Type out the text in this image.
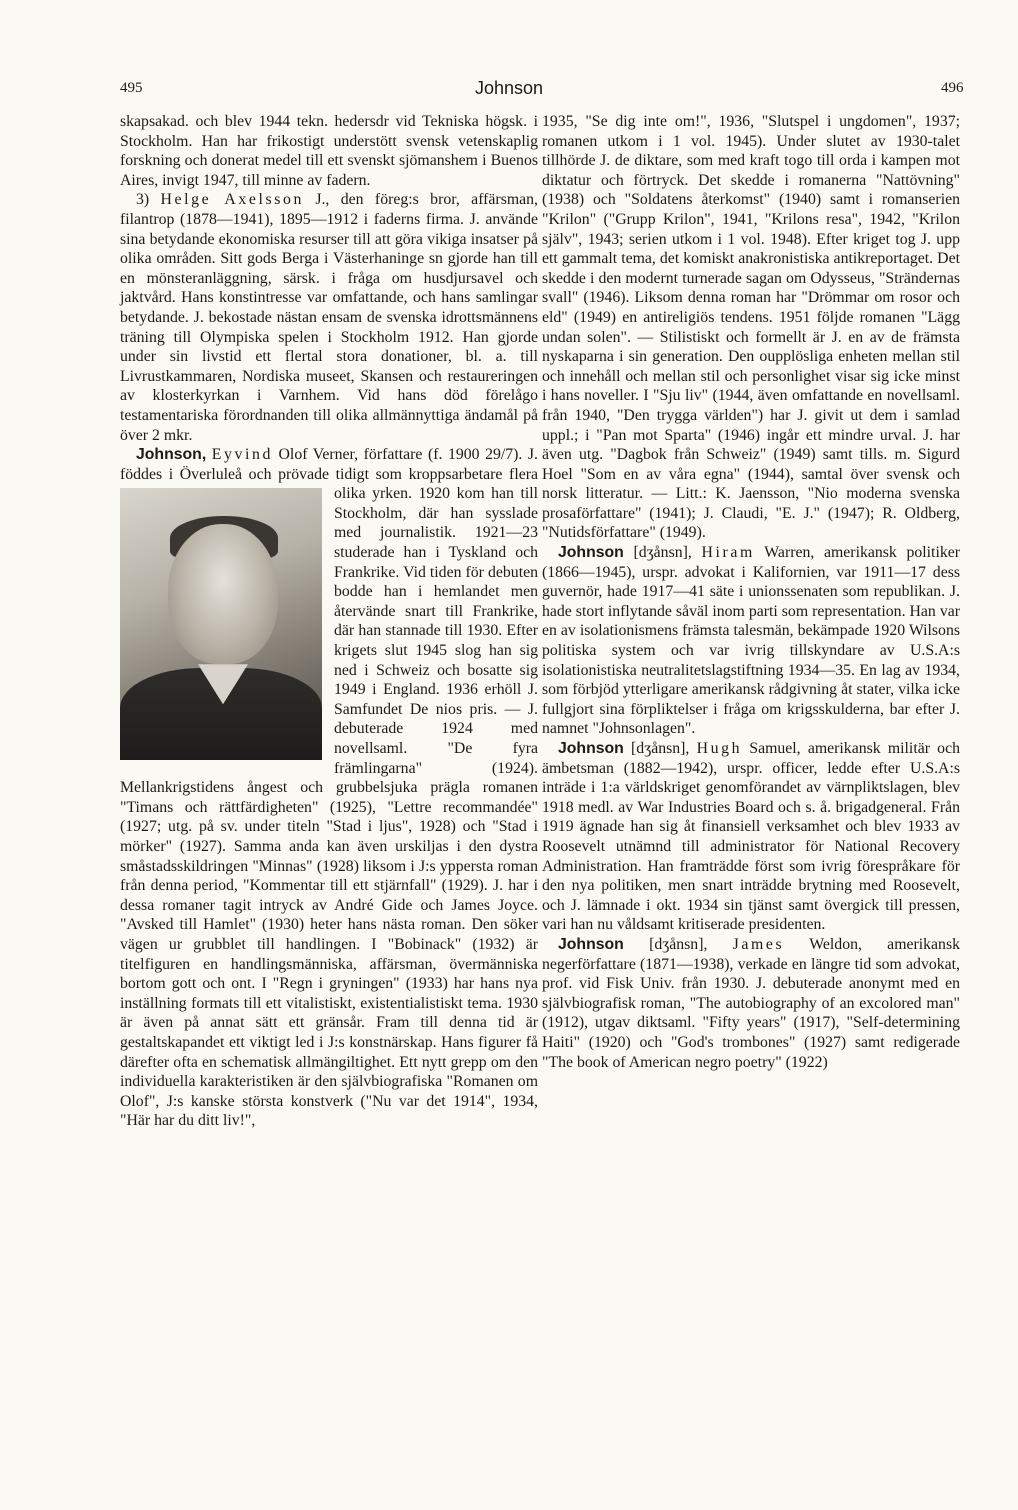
495	Johnson	496

skapsakad. och blev 1944 tekn. hedersdr vid Tekniska högsk. i Stockholm. Han har frikostigt understött svensk vetenskaplig forskning och donerat medel till ett svenskt sjömanshem i Buenos Aires, invigt 1947, till minne av fadern.

3) Helge Axelsson J., den föreg:s bror, affärsman, filantrop (1878—1941), 1895—1912 i faderns firma. J. använde sina betydande ekonomiska resurser till att göra vikiga insatser på olika områden. Sitt gods Berga i Västerhaninge sn gjorde han till en mönsteranläggning, särsk. i fråga om husdjursavel och jaktvård. Hans konstintresse var omfattande, och hans samlingar betydande. J. bekostade nästan ensam de svenska idrottsmännens träning till Olympiska spelen i Stockholm 1912. Han gjorde under sin livstid ett flertal stora donationer, bl. a. till Livrustkammaren, Nordiska museet, Skansen och restaureringen av klosterkyrkan i Varnhem. Vid hans död förelågo testamentariska förordnanden till olika allmännyttiga ändamål på över 2 mkr.

Johnson, Eyvind Olof Verner, författare (f. 1900 29/7). J. föddes i Överluleå och prövade tidigt som kroppsarbetare flera olika yrken.
1920 kom han till Stockholm, där han sysslade med journalistik. 1921—23 studerade han i Tyskland och Frankrike. Vid tiden för debuten bodde han i hemlandet men återvände snart till Frankrike, där han stannade till 1930. Efter krigets slut 1945 slog han sig ned i Schweiz och bosatte sig 1949 i England. 1936 erhöll J. Samfundet De nios pris. — J. debuterade 1924 med novellsaml. "De fyra främlingarna" (1924). Mellankrigstidens ångest och grubbelsjuka prägla romanen "Timans och rättfärdigheten" (1925), "Lettre recommandée" (1927; utg. på sv. under titeln "Stad i ljus", 1928) och "Stad i mörker" (1927). Samma anda kan även urskiljas i den dystra småstadsskildringen "Minnas" (1928) liksom i J:s yppersta roman från denna period, "Kommentar till ett stjärnfall" (1929). J. har i dessa romaner tagit intryck av André Gide och James Joyce. "Avsked till Hamlet" (1930) heter hans nästa roman. Den söker vägen ur grubblet till handlingen. I "Bobinack" (1932) är titelfiguren en handlingsmänniska, affärsman, övermänniska bortom gott och ont. I "Regn i gryningen" (1933) har hans nya inställning formats till ett vitalistiskt, existentialistiskt tema. 1930 är även på annat sätt ett gränsår. Fram till denna tid är gestaltskapandet ett viktigt led i J:s konstnärskap. Hans figurer få därefter ofta en schematisk allmängiltighet. Ett nytt grepp om den individuella karakteristiken är den självbiografiska "Romanen om Olof", J:s kanske största konstverk ("Nu var det 1914", 1934, "Här har du ditt liv!",

1935, "Se dig inte om!", 1936, "Slutspel i ungdomen", 1937; romanen utkom i 1 vol. 1945). Under slutet av 1930-talet tillhörde J. de diktare, som med kraft togo till orda i kampen mot diktatur och förtryck. Det skedde i romanerna "Nattövning" (1938) och "Soldatens återkomst" (1940) samt i romanserien "Krilon" ("Grupp Krilon", 1941, "Krilons resa", 1942, "Krilon själv", 1943; serien utkom i 1 vol. 1948). Efter kriget tog J. upp ett gammalt tema, det komiskt anakronistiska antikreportaget. Det skedde i den modernt turnerade sagan om Odysseus, "Strändernas svall" (1946). Liksom denna roman har "Drömmar om rosor och eld" (1949) en antireligiös tendens. 1951 följde romanen "Lägg undan solen". — Stilistiskt och formellt är J. en av de främsta nyskaparna i sin generation. Den oupplösliga enheten mellan stil och innehåll och mellan stil och personlighet visar sig icke minst i hans noveller. I "Sju liv" (1944, även omfattande en novellsaml. från 1940, "Den trygga världen") har J. givit ut dem i samlad uppl.; i "Pan mot Sparta" (1946) ingår ett mindre urval. J. har även utg. "Dagbok från Schweiz" (1949) samt tills. m. Sigurd Hoel "Som en av våra egna" (1944), samtal över svensk och norsk litteratur. — Litt.: K. Jaensson, "Nio moderna svenska prosaförfattare" (1941); J. Claudi, "E. J." (1947); R. Oldberg, "Nutidsförfattare" (1949).

Johnson [dʒånsn], Hiram Warren, amerikansk politiker (1866—1945), urspr. advokat i Kalifornien, var 1911—17 dess guvernör, hade 1917—41 säte i unionssenaten som republikan. J. hade stort inflytande såväl inom parti som representation. Han var en av isolationismens främsta talesmän, bekämpade 1920 Wilsons politiska system och var ivrig tillskyndare av U.S.A:s isolationistiska neutralitetslagstiftning 1934—35. En lag av 1934, som förbjöd ytterligare amerikansk rådgivning åt stater, vilka icke fullgjort sina förpliktelser i fråga om krigsskulderna, bar efter J. namnet "Johnsonlagen".

Johnson [dʒånsn], Hugh Samuel, amerikansk militär och ämbetsman (1882—1942), urspr. officer, ledde efter U.S.A:s inträde i 1:a världskriget genomförandet av värnpliktslagen, blev 1918 medl. av War Industries Board och s. å. brigadgeneral. Från 1919 ägnade han sig åt finansiell verksamhet och blev 1933 av Roosevelt utnämnd till administrator för National Recovery Administration. Han framträdde först som ivrig förespråkare för den nya politiken, men snart inträdde brytning med Roosevelt, och J. lämnade i okt. 1934 sin tjänst samt övergick till pressen, vari han nu våldsamt kritiserade presidenten.

Johnson [dʒånsn], James Weldon, amerikansk negerförfattare (1871—1938), verkade en längre tid som advokat, prof. vid Fisk Univ. från 1930. J. debuterade anonymt med en självbiografisk roman, "The autobiography of an excolored man" (1912), utgav diktsaml. "Fifty years" (1917), "Self-determining Haiti" (1920) och "God's trombones" (1927) samt redigerade "The book of American negro poetry" (1922)
